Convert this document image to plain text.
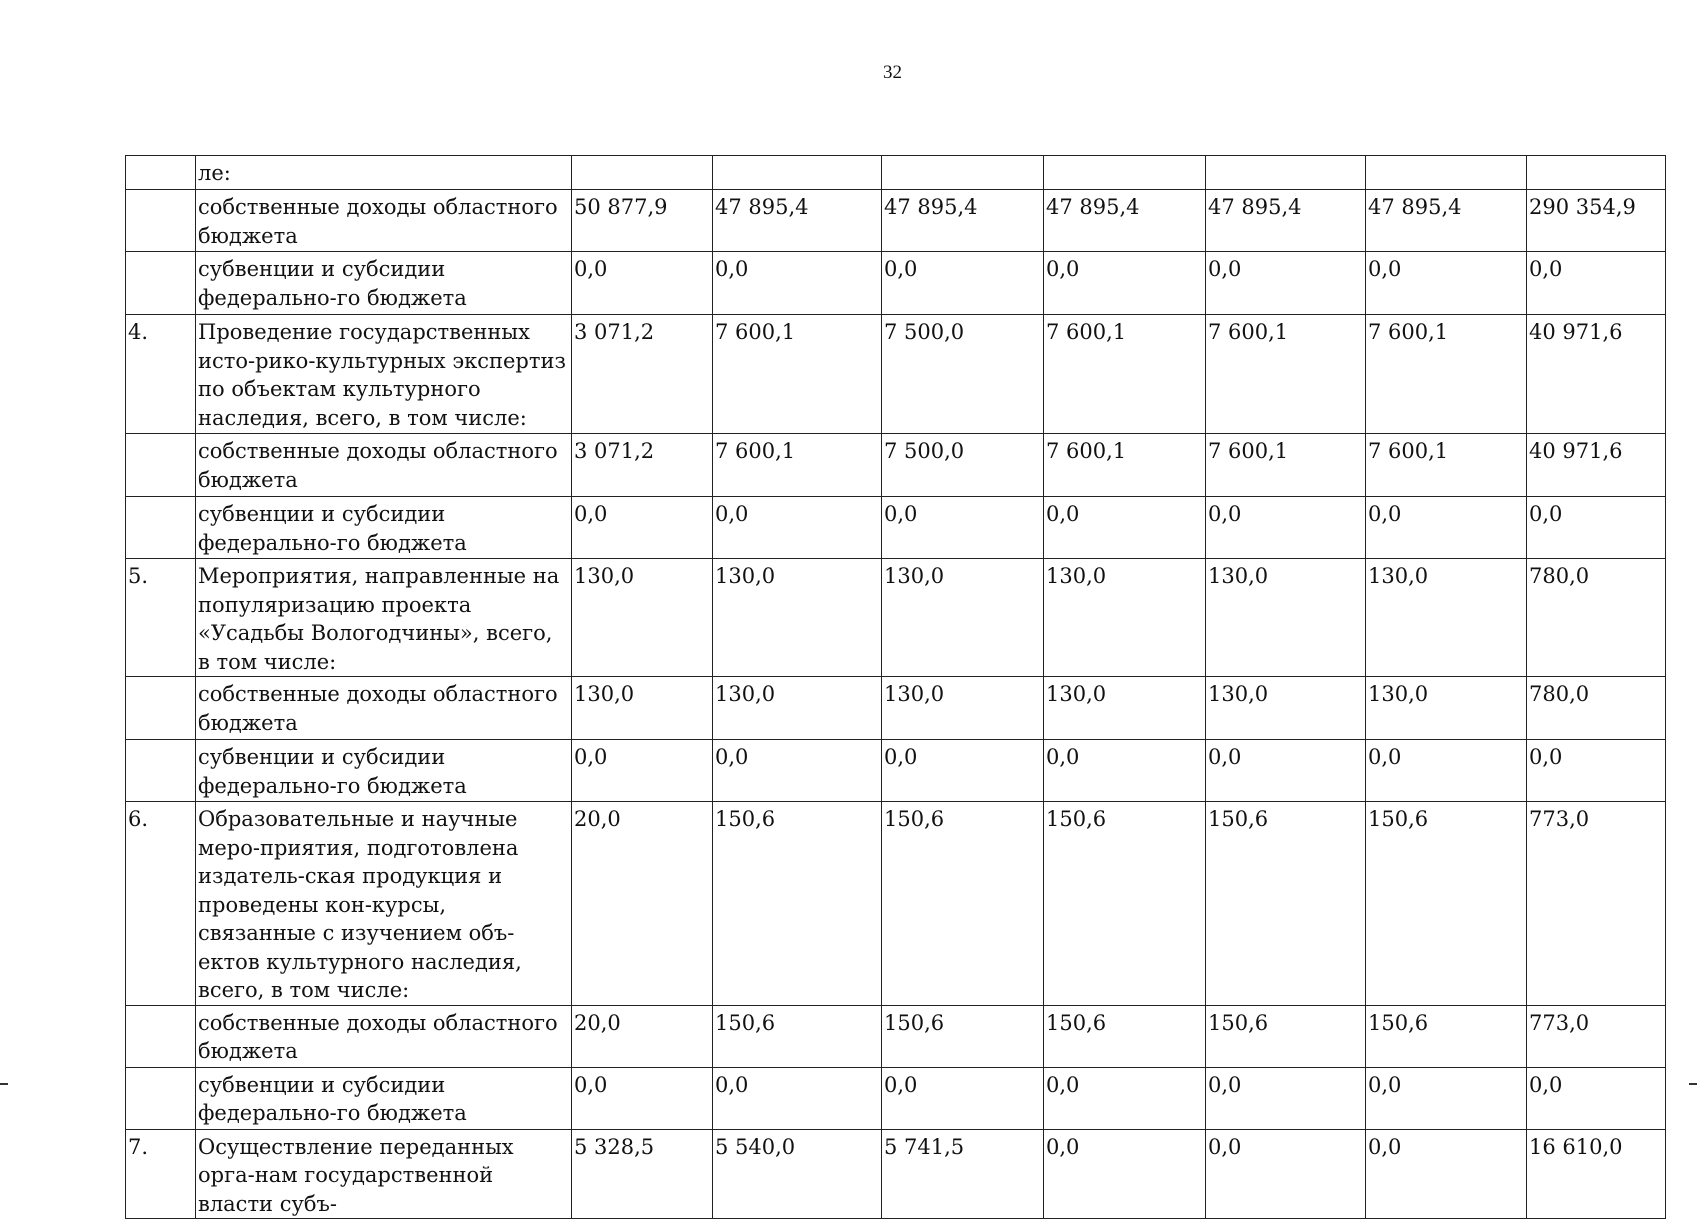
32
	ле:							
	собственные доходы областного бюджета	50 877,9	47 895,4	47 895,4	47 895,4	47 895,4	47 895,4	290 354,9
	субвенции и субсидии федерально-го бюджета	0,0	0,0	0,0	0,0	0,0	0,0	0,0
4.	Проведение государственных исто-рико-культурных экспертиз по объектам культурного наследия, всего, в том числе:	3 071,2	7 600,1	7 500,0	7 600,1	7 600,1	7 600,1	40 971,6
	собственные доходы областного бюджета	3 071,2	7 600,1	7 500,0	7 600,1	7 600,1	7 600,1	40 971,6
	субвенции и субсидии федерально-го бюджета	0,0	0,0	0,0	0,0	0,0	0,0	0,0
5.	Мероприятия, направленные на популяризацию проекта «Усадьбы Вологодчины», всего, в том числе:	130,0	130,0	130,0	130,0	130,0	130,0	780,0
	собственные доходы областного бюджета	130,0	130,0	130,0	130,0	130,0	130,0	780,0
	субвенции и субсидии федерально-го бюджета	0,0	0,0	0,0	0,0	0,0	0,0	0,0
6.	Образовательные и научные меро-приятия, подготовлена издатель-ская продукция и проведены кон-курсы, связанные с изучением объ-ектов культурного наследия, всего, в том числе:	20,0	150,6	150,6	150,6	150,6	150,6	773,0
	собственные доходы областного бюджета	20,0	150,6	150,6	150,6	150,6	150,6	773,0
	субвенции и субсидии федерально-го бюджета	0,0	0,0	0,0	0,0	0,0	0,0	0,0
7.	Осуществление переданных орга-нам государственной власти субъ-	5 328,5	5 540,0	5 741,5	0,0	0,0	0,0	16 610,0
